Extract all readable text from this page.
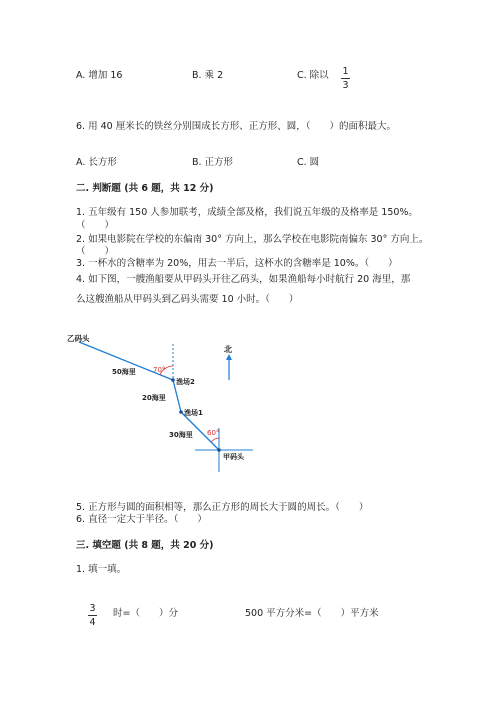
A. 增加 16	B. 乘 2	C. 除以 1
3
6. 用 40 厘米长的铁丝分别围成长方形、正方形、圆，（　　）的面积最大。
A. 长方形	B. 正方形	C. 圆
二. 判断题 (共 6 题，共 12 分)
1. 五年级有 150 人参加联考，成绩全部及格，我们说五年级的及格率是 150%。
（　　）
2. 如果电影院在学校的东偏南 30° 方向上，那么学校在电影院南偏东 30° 方向上。
（　　）
3. 一杯水的含糖率为 20%，用去一半后，这杯水的含糖率是 10%。（　　）
4. 如下图，一艘渔船要从甲码头开往乙码头，如果渔船每小时航行 20 海里，那
么这艘渔船从甲码头到乙码头需要 10 小时。（　　）
乙码头
50海里 70°
渔场2
20海里
渔场1
30海里 60°
北
甲码头
5. 正方形与圆的面积相等，那么正方形的周长大于圆的周长。（　　）
6. 直径一定大于半径。（　　）
三. 填空题 (共 8 题，共 20 分)
1. 填一填。
3
4
时=（　　）分	500 平方分米=（　　）平方米
